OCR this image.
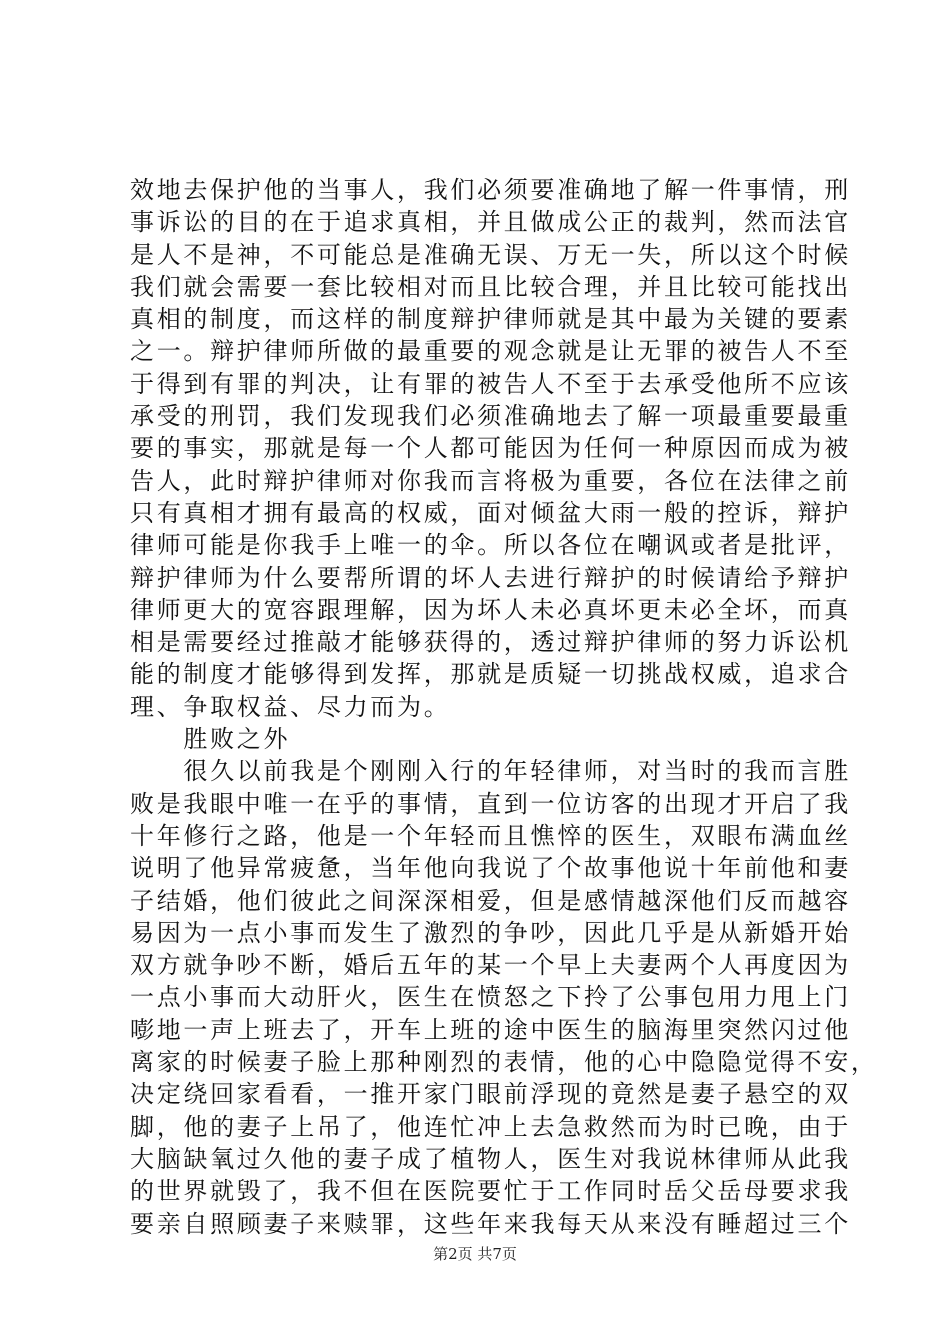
效地去保护他的当事人，我们必须要准确地了解一件事情，刑
事诉讼的目的在于追求真相，并且做成公正的裁判，然而法官
是人不是神，不可能总是准确无误、万无一失，所以这个时候
我们就会需要一套比较相对而且比较合理，并且比较可能找出
真相的制度，而这样的制度辩护律师就是其中最为关键的要素
之一。辩护律师所做的最重要的观念就是让无罪的被告人不至
于得到有罪的判决，让有罪的被告人不至于去承受他所不应该
承受的刑罚，我们发现我们必须准确地去了解一项最重要最重
要的事实，那就是每一个人都可能因为任何一种原因而成为被
告人，此时辩护律师对你我而言将极为重要，各位在法律之前
只有真相才拥有最高的权威，面对倾盆大雨一般的控诉，辩护
律师可能是你我手上唯一的伞。所以各位在嘲讽或者是批评，
辩护律师为什么要帮所谓的坏人去进行辩护的时候请给予辩护
律师更大的宽容跟理解，因为坏人未必真坏更未必全坏，而真
相是需要经过推敲才能够获得的，透过辩护律师的努力诉讼机
能的制度才能够得到发挥，那就是质疑一切挑战权威，追求合
理、争取权益、尽力而为。
　　胜败之外
　　很久以前我是个刚刚入行的年轻律师，对当时的我而言胜
败是我眼中唯一在乎的事情，直到一位访客的出现才开启了我
十年修行之路，他是一个年轻而且憔悴的医生，双眼布满血丝
说明了他异常疲惫，当年他向我说了个故事他说十年前他和妻
子结婚，他们彼此之间深深相爱，但是感情越深他们反而越容
易因为一点小事而发生了激烈的争吵，因此几乎是从新婚开始
双方就争吵不断，婚后五年的某一个早上夫妻两个人再度因为
一点小事而大动肝火，医生在愤怒之下拎了公事包用力甩上门
嘭地一声上班去了，开车上班的途中医生的脑海里突然闪过他
离家的时候妻子脸上那种刚烈的表情，他的心中隐隐觉得不安，
决定绕回家看看，一推开家门眼前浮现的竟然是妻子悬空的双
脚，他的妻子上吊了，他连忙冲上去急救然而为时已晚，由于
大脑缺氧过久他的妻子成了植物人，医生对我说林律师从此我
的世界就毁了，我不但在医院要忙于工作同时岳父岳母要求我
要亲自照顾妻子来赎罪，这些年来我每天从来没有睡超过三个
第2页 共7页
